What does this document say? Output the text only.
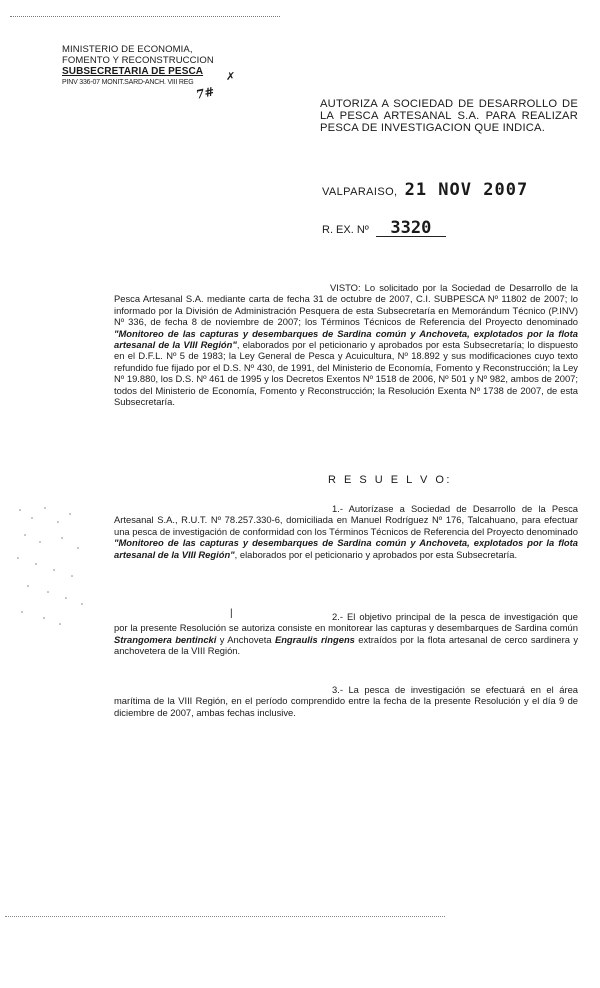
MINISTERIO DE ECONOMIA,
FOMENTO Y RECONSTRUCCION
SUBSECRETARIA DE PESCA
PINV 336-07 MONIT.SARD-ANCH. VIII REG	✗
7#
AUTORIZA A SOCIEDAD DE DESARROLLO DE LA PESCA ARTESANAL S.A. PARA REALIZAR PESCA DE INVESTIGACION QUE INDICA.
VALPARAISO, 21 NOV 2007
R. EX. Nº 3320
VISTO: Lo solicitado por la Sociedad de Desarrollo de la Pesca Artesanal S.A. mediante carta de fecha 31 de octubre de 2007, C.I. SUBPESCA Nº 11802 de 2007; lo informado por la División de Administración Pesquera de esta Subsecretaría en Memorándum Técnico (P.INV) Nº 336, de fecha 8 de noviembre de 2007; los Términos Técnicos de Referencia del Proyecto denominado "Monitoreo de las capturas y desembarques de Sardina común y Anchoveta, explotados por la flota artesanal de la VIII Región", elaborados por el peticionario y aprobados por esta Subsecretaría; lo dispuesto en el D.F.L. Nº 5 de 1983; la Ley General de Pesca y Acuicultura, Nº 18.892 y sus modificaciones cuyo texto refundido fue fijado por el D.S. Nº 430, de 1991, del Ministerio de Economía, Fomento y Reconstrucción; la Ley Nº 19.880, los D.S. Nº 461 de 1995 y los Decretos Exentos Nº 1518 de 2006, Nº 501 y Nº 982, ambos de 2007; todos del Ministerio de Economía, Fomento y Reconstrucción; la Resolución Exenta Nº 1738 de 2007, de esta Subsecretaría.
R E S U E L V O:
1.- Autorízase a Sociedad de Desarrollo de la Pesca Artesanal S.A., R.U.T. Nº 78.257.330-6, domiciliada en Manuel Rodríguez Nº 176, Talcahuano, para efectuar una pesca de investigación de conformidad con los Términos Técnicos de Referencia del Proyecto denominado "Monitoreo de las capturas y desembarques de Sardina común y Anchoveta, explotados por la flota artesanal de la VIII Región", elaborados por el peticionario y aprobados por esta Subsecretaría.
|	2.- El objetivo principal de la pesca de investigación que por la presente Resolución se autoriza consiste en monitorear las capturas y desembarques de Sardina común Strangomera bentincki y Anchoveta Engraulis ringens extraídos por la flota artesanal de cerco sardinera y anchovetera de la VIII Región.
3.- La pesca de investigación se efectuará en el área marítima de la VIII Región, en el período comprendido entre la fecha de la presente Resolución y el día 9 de diciembre de 2007, ambas fechas inclusive.
